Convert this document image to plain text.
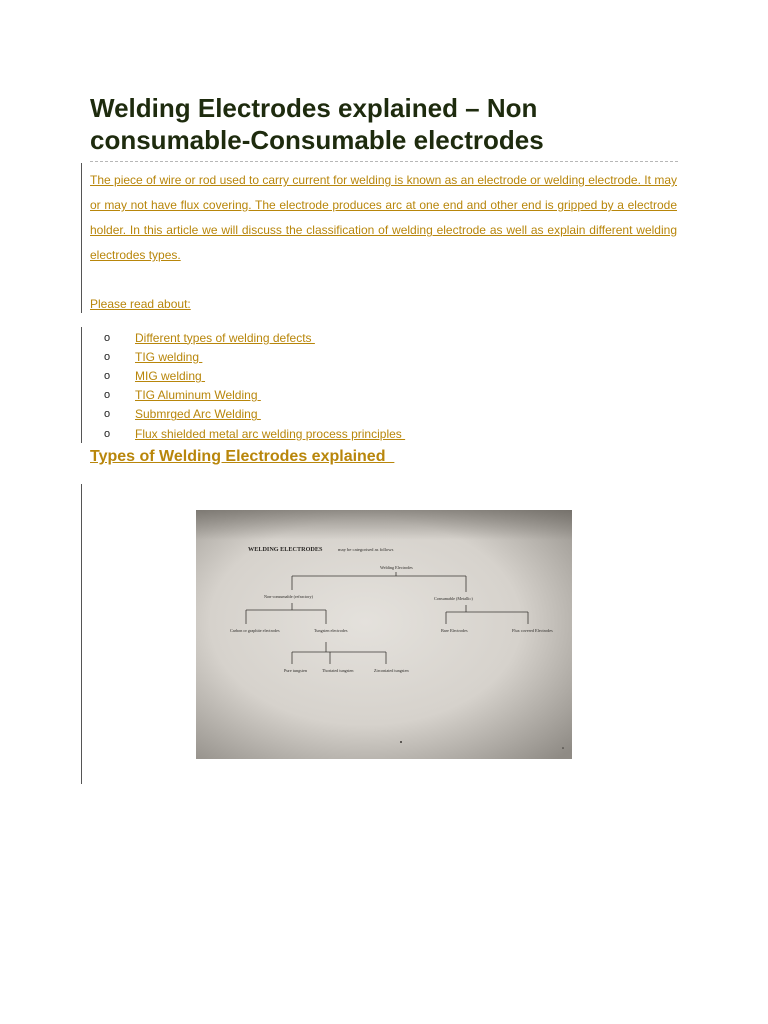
Welding Electrodes explained – Non consumable-Consumable electrodes

The piece of wire or rod used to carry current for welding is known as an electrode or welding electrode. It may or may not have flux covering. The electrode produces arc at one end and other end is gripped by a electrode holder. In this article we will discuss the classification of welding electrode as well as explain different welding electrodes types.

Please read about:

o	Different types of welding defects
o	TIG welding
o	MIG welding
o	TIG Aluminum Welding
o	Submrged Arc Welding
o	Flux shielded metal arc welding process principles
Types of Welding Electrodes explained
WELDING ELECTRODES	may be categorised as follows
Welding Electrodes
Non-consumable (refractory)	Consumable (Metallic)
Carbon or graphite electrodes	Tungsten electrodes	Bare Electrodes	Flux covered Electrodes
Pure tungsten	Thoriated tungsten	Zirconiated tungsten
